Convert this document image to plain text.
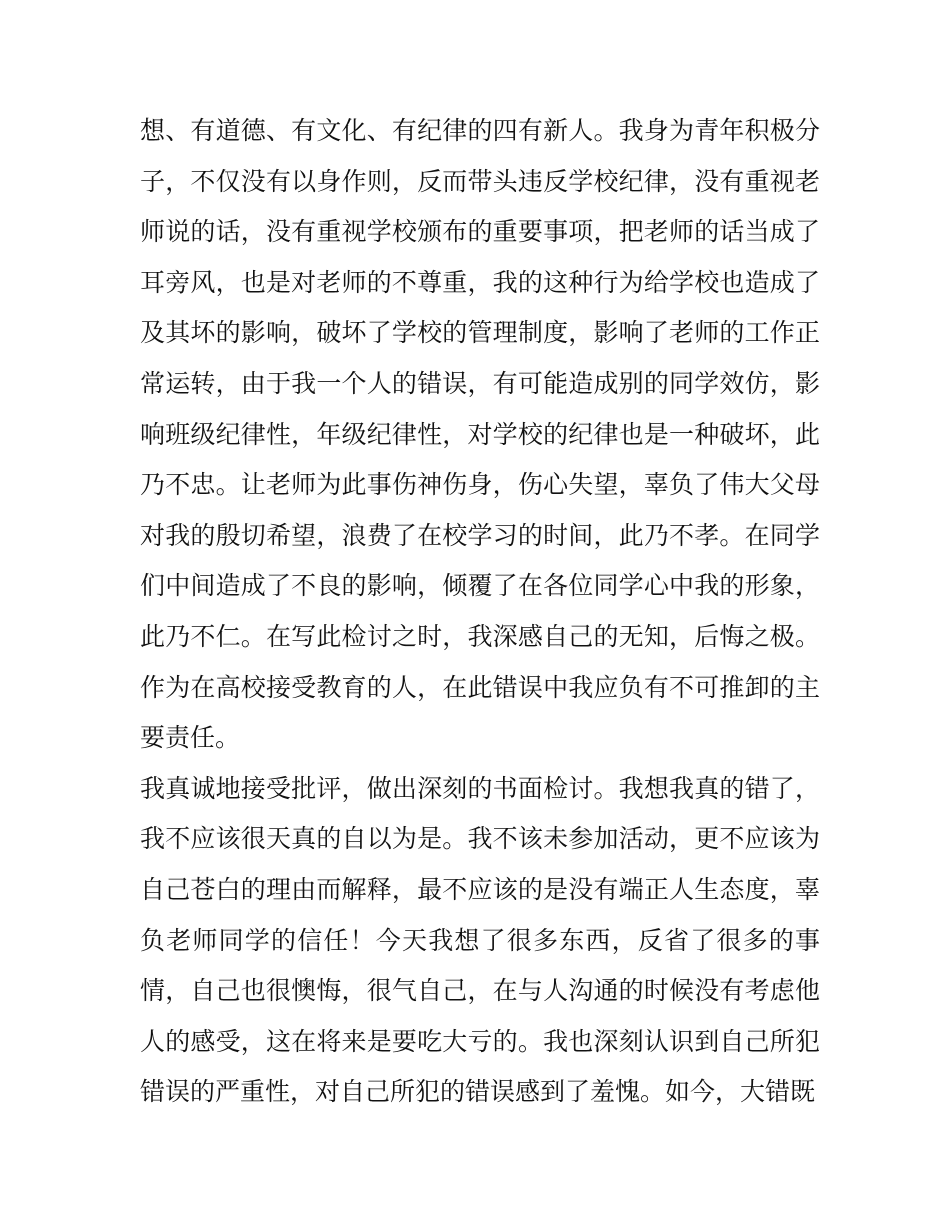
想、有道德、有文化、有纪律的四有新人。我身为青年积极分
子，不仅没有以身作则，反而带头违反学校纪律，没有重视老
师说的话，没有重视学校颁布的重要事项，把老师的话当成了
耳旁风，也是对老师的不尊重，我的这种行为给学校也造成了
及其坏的影响，破坏了学校的管理制度，影响了老师的工作正
常运转，由于我一个人的错误，有可能造成别的同学效仿，影
响班级纪律性，年级纪律性，对学校的纪律也是一种破坏，此
乃不忠。让老师为此事伤神伤身，伤心失望，辜负了伟大父母
对我的殷切希望，浪费了在校学习的时间，此乃不孝。在同学
们中间造成了不良的影响，倾覆了在各位同学心中我的形象，
此乃不仁。在写此检讨之时，我深感自己的无知，后悔之极。
作为在高校接受教育的人，在此错误中我应负有不可推卸的主
要责任。
我真诚地接受批评，做出深刻的书面检讨。我想我真的错了，
我不应该很天真的自以为是。我不该未参加活动，更不应该为
自己苍白的理由而解释，最不应该的是没有端正人生态度，辜
负老师同学的信任！今天我想了很多东西，反省了很多的事
情，自己也很懊悔，很气自己，在与人沟通的时候没有考虑他
人的感受，这在将来是要吃大亏的。我也深刻认识到自己所犯
错误的严重性，对自己所犯的错误感到了羞愧。如今，大错既
